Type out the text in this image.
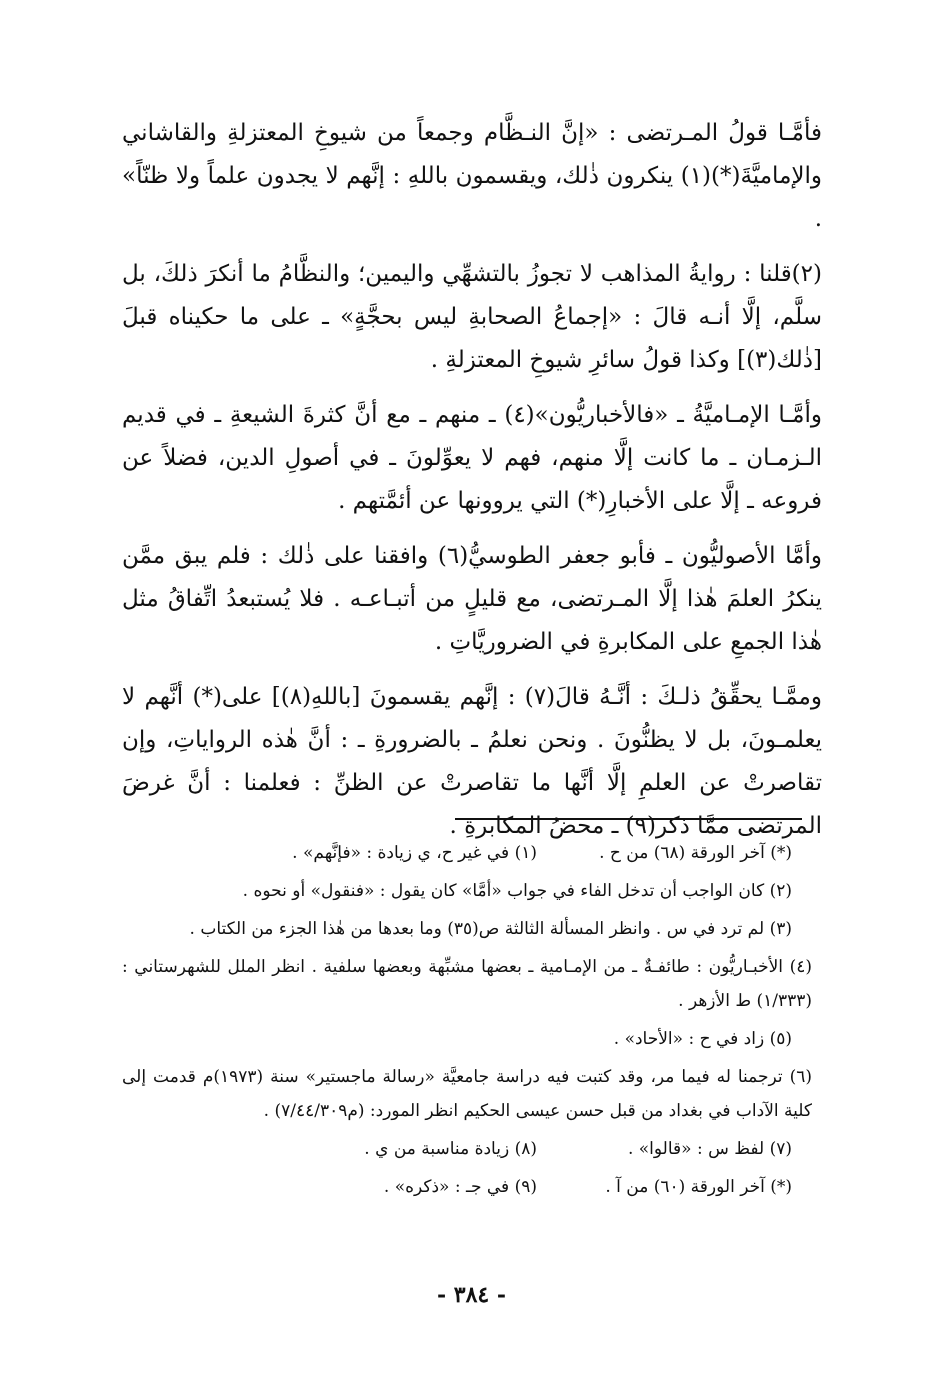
فأمَّـا قولُ المـرتضى : «إنَّ النـظَّام وجمعاً من شيوخِ المعتزلةِ والقاشاني والإماميَّةَ(*)(١) ينكرون ذٰلك، ويقسمون باللهِ : إنَّهم لا يجدون علماً ولا ظنّاً» .

(٢)قلنا : روايةُ المذاهب لا تجوزُ بالتشهِّي واليمين؛ والنظَّامُ ما أنكرَ ذلكَ، بل سلَّم، إلَّا أنـه قالَ : «إجماعُ الصحابةِ ليس بحجَّةٍ» ـ على ما حكيناه قبلَ [ذٰلك(٣)] وكذا قولُ سائرِ شيوخِ المعتزلةِ .

وأمَّـا الإمـاميَّةُ ـ «فالأخباريُّون»(٤) ـ منهم ـ مع أنَّ كثرةَ الشيعةِ ـ في قديم الـزمـان ـ ما كانت إلَّا منهم، فهم لا يعوِّلونَ ـ في أصولِ الدين، فضلاً عن فروعه ـ إلَّا على الأخبارِ(*) التي يروونها عن أئمَّتهم .

وأمَّا الأصوليُّون ـ فأبو جعفر الطوسيُّ(٦) وافقنا على ذٰلك : فلم يبق ممَّن ينكرُ العلمَ هٰذا إلَّا المـرتضى، مع قليلٍ من أتبـاعـه . فلا يُستبعدُ اتِّفاقُ مثل هٰذا الجمعِ على المكابرةِ في الضروريَّاتِ .

وممَّـا يحقِّقُ ذلـكَ : أنَّـهُ قالَ(٧) : إنَّهم يقسمونَ [باللهِ(٨)] على(*) أنَّهم لا يعلمـونَ، بل لا يظنُّونَ . ونحن نعلمُ ـ بالضرورةِ ـ : أنَّ هٰذه الرواياتِ، وإن تقاصرتْ عن العلمِ إلَّا أنَّها ما تقاصرتْ عن الظنِّ : فعلمنا : أنَّ غرضَ المرتضى ممَّا ذكر(٩) ـ محضُ المكابرةِ .

(*) آخر الورقة (٦٨) من ح .
(١) في غير ح، ي زيادة : «فإنَّهم» .
(٢) كان الواجب أن تدخل الفاء في جواب «أمَّا» كان يقول : «فنقول» أو نحوه .
(٣) لم ترد في س . وانظر المسألة الثالثة ص(٣٥) وما بعدها من هٰذا الجزء من الكتاب .
(٤) الأخبـاريُّون : طائفـةٌ ـ من الإمـامية ـ بعضها مشبِّهة وبعضها سلفية . انظر الملل للشهرستاني : (١/٣٣٣) ط الأزهر .
(٥) زاد في ح : «الأحاد» .
(٦) ترجمنا له فيما مر، وقد كتبت فيه دراسة جامعيَّة «رسالة ماجستير» سنة (١٩٧٣)م قدمت إلى كلية الآداب في بغداد من قبل حسن عيسى الحكيم انظر المورد: (م٧/٤٤/٣٠٩) .
(٧) لفظ س : «قالوا» .
(٨) زيادة مناسبة من ي .
(*) آخر الورقة (٦٠) من آ .
(٩) في جـ : «ذكره» .
- ٣٨٤ -
